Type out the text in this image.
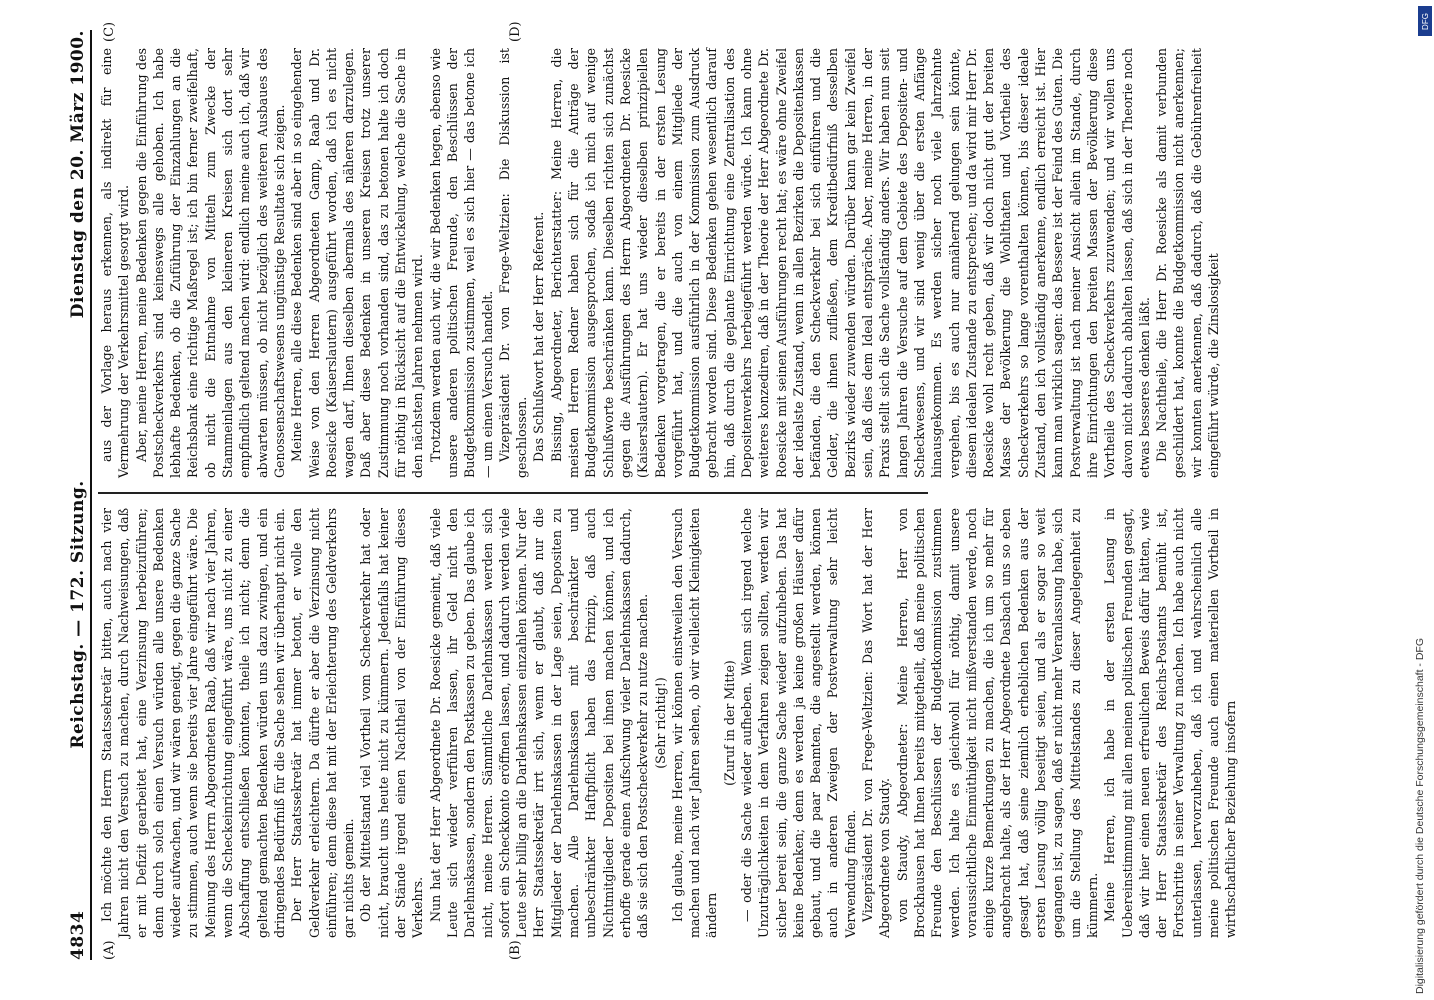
4834
Reichstag. — 172. Sitzung.
Dienstag den 20. März 1900.
(A)	(B)
(C)	(D)

Ich möchte den Herrn Staatssekretär bitten, auch nach vier Jahren nicht den Versuch zu machen, durch Nachweisungen, daß er mit Defizit gearbeitet hat, eine Verzinsung herbeizuführen; denn durch solch einen Versuch würden alle unsere Bedenken wieder aufwachen, und wir wären geneigt, gegen die ganze Sache zu stimmen, auch wenn sie bereits vier Jahre eingeführt wäre. Die Meinung des Herrn Abgeordneten Raab, daß wir nach vier Jahren, wenn die Scheckeinrichtung eingeführt wäre, uns nicht zu einer Abschaffung entschließen könnten, theile ich nicht; denn die geltend gemachten Bedenken würden uns dazu zwingen, und ein dringendes Bedürfniß für die Sache sehen wir überhaupt nicht ein. Der Herr Staatssekretär hat immer betont, er wolle den Geldverkehr erleichtern. Da dürfte er aber die Verzinsung nicht einführen; denn diese hat mit der Erleichterung des Geldverkehrs gar nichts gemein. Ob der Mittelstand viel Vortheil vom Scheckverkehr hat oder nicht, braucht uns heute nicht zu kümmern. Jedenfalls hat keiner der Stände irgend einen Nachtheil von der Einführung dieses Verkehrs. Nun hat der Herr Abgeordnete Dr. Roesicke gemeint, daß viele Leute sich wieder verführen lassen, ihr Geld nicht den Darlehnskassen, sondern den Postkassen zu geben. Das glaube ich nicht, meine Herren. Sämmtliche Darlehnskassen werden sich sofort ein Scheckkonto eröffnen lassen, und dadurch werden viele Leute sehr billig an die Darlehnskassen einzahlen können. Nur der Herr Staatssekretär irrt sich, wenn er glaubt, daß nur die Mitglieder der Darlehnskassen in der Lage seien, Depositen zu machen. Alle Darlehnskassen mit beschränkter und unbeschränkter Haftpflicht haben das Prinzip, daß auch Nichtmitglieder Depositen bei ihnen machen können, und ich erhoffe gerade einen Aufschwung vieler Darlehnskassen dadurch, daß sie sich den Postscheckverkehr zu nutze machen. (Sehr richtig!) Ich glaube, meine Herren, wir können einstweilen den Versuch machen und nach vier Jahren sehen, ob wir vielleicht Kleinigkeiten ändern

(Zuruf in der Mitte) — oder die Sache wieder aufheben. Wenn sich irgend welche Unzuträglichkeiten in dem Verfahren zeigen sollten, werden wir sicher bereit sein, die ganze Sache wieder aufzuheben. Das hat keine Bedenken; denn es werden ja keine großen Häuser dafür gebaut, und die paar Beamten, die angestellt werden, können auch in anderen Zweigen der Postverwaltung sehr leicht Verwendung finden. Vizepräsident Dr. von Frege-Weltzien: Das Wort hat der Herr Abgeordnete von Staudy. von Staudy, Abgeordneter: Meine Herren, Herr von Brockhausen hat Ihnen bereits mitgetheilt, daß meine politischen Freunde den Beschlüssen der Budgetkommission zustimmen werden. Ich halte es gleichwohl für nöthig, damit unsere voraussichtliche Einmüthigkeit nicht mißverstanden werde, noch einige kurze Bemerkungen zu machen, die ich um so mehr für angebracht halte, als der Herr Abgeordnete Dasbach uns so eben gesagt hat, daß seine ziemlich erheblichen Bedenken aus der ersten Lesung völlig beseitigt seien, und als er sogar so weit gegangen ist, zu sagen, daß er nicht mehr Veranlassung habe, sich um die Stellung des Mittelstandes zu dieser Angelegenheit zu kümmern. Meine Herren, ich habe in der ersten Lesung in Uebereinstimmung mit allen meinen politischen Freunden gesagt, daß wir hier einen neuen erfreulichen Beweis dafür hätten, wie der Herr Staatssekretär des Reichs-Postamts bemüht ist, Fortschritte in seiner Verwaltung zu machen. Ich habe auch nicht unterlassen, hervorzuheben, daß ich und wahrscheinlich alle meine politischen Freunde auch einen materiellen Vortheil in wirthschaftlicher Beziehung insofern

aus der Vorlage heraus erkennen, als indirekt für eine Vermehrung der Verkehrsmittel gesorgt wird. Aber, meine Herren, meine Bedenken gegen die Einführung des Postscheckverkehrs sind keineswegs alle gehoben. Ich habe lebhafte Bedenken, ob die Zuführung der Einzahlungen an die Reichsbank eine richtige Maßregel ist; ich bin ferner zweifelhaft, ob nicht die Entnahme von Mitteln zum Zwecke der Stammeinlagen aus den kleineren Kreisen sich dort sehr empfindlich geltend machen wird: endlich meine auch ich, daß wir abwarten müssen, ob nicht bezüglich des weiteren Ausbaues des Genossenschaftswesens ungünstige Resultate sich zeigen. Meine Herren, alle diese Bedenken sind aber in so eingehender Weise von den Herren Abgeordneten Gamp, Raab und Dr. Roesicke (Kaiserslautern) ausgeführt worden, daß ich es nicht wagen darf, Ihnen dieselben abermals des näheren darzulegen. Daß aber diese Bedenken in unseren Kreisen trotz unserer Zustimmung noch vorhanden sind, das zu betonen halte ich doch für nöthig in Rücksicht auf die Entwickelung, welche die Sache in den nächsten Jahren nehmen wird. Trotzdem werden auch wir, die wir Bedenken hegen, ebenso wie unsere anderen politischen Freunde, den Beschlüssen der Budgetkommission zustimmen, weil es sich hier — das betone ich — um einen Versuch handelt. Vizepräsident Dr. von Frege-Weltzien: Die Diskussion ist geschlossen. Das Schlußwort hat der Herr Referent. Bissing, Abgeordneter, Berichterstatter: Meine Herren, die meisten Herren Redner haben sich für die Anträge der Budgetkommission ausgesprochen, sodaß ich mich auf wenige Schlußworte beschränken kann. Dieselben richten sich zunächst gegen die Ausführungen des Herrn Abgeordneten Dr. Roesicke (Kaiserslautern). Er hat uns wieder dieselben prinzipiellen Bedenken vorgetragen, die er bereits in der ersten Lesung vorgeführt hat, und die auch von einem Mitgliede der Budgetkommission ausführlich in der Kommission zum Ausdruck gebracht worden sind. Diese Bedenken gehen wesentlich darauf hin, daß durch die geplante Einrichtung eine Zentralisation des Depositenverkehrs herbeigeführt werden würde. Ich kann ohne weiteres konzediren, daß in der Theorie der Herr Abgeordnete Dr. Roesicke mit seinen Ausführungen recht hat; es wäre ohne Zweifel der idealste Zustand, wenn in allen Bezirken die Depositenkassen befänden, die den Scheckverkehr bei sich einführen und die Gelder, die ihnen zufließen, dem Kreditbedürfniß desselben Bezirks wieder zuwenden würden. Darüber kann gar kein Zweifel sein, daß dies dem Ideal entspräche. Aber, meine Herren, in der Praxis stellt sich die Sache vollständig anders. Wir haben nun seit langen Jahren die Versuche auf dem Gebiete des Depositen- und Scheckwesens, und wir sind wenig über die ersten Anfänge hinausgekommen. Es werden sicher noch viele Jahrzehnte vergehen, bis es auch nur annähernd gelungen sein könnte, diesem idealen Zustande zu entsprechen; und da wird mir Herr Dr. Roesicke wohl recht geben, daß wir doch nicht gut der breiten Masse der Bevölkerung die Wohlthaten und Vortheile des Scheckverkehrs so lange vorenthalten können, bis dieser ideale Zustand, den ich vollständig anerkenne, endlich erreicht ist. Hier kann man wirklich sagen: das Bessere ist der Feind des Guten. Die Postverwaltung ist nach meiner Ansicht allein im Stande, durch ihre Einrichtungen den breiten Massen der Bevölkerung diese Vortheile des Scheckverkehrs zuzuwenden; und wir wollen uns davon nicht dadurch abhalten lassen, daß sich in der Theorie noch etwas besseres denken läßt. Die Nachtheile, die Herr Dr. Roesicke als damit verbunden geschildert hat, konnte die Budgetkommission nicht anerkennen; wir konnten anerkennen, daß dadurch, daß die Gebührenfreiheit eingeführt würde, die Zinslosigkeit

DFG
Digitalisierung gefördert durch die Deutsche Forschungsgemeinschaft - DFG
